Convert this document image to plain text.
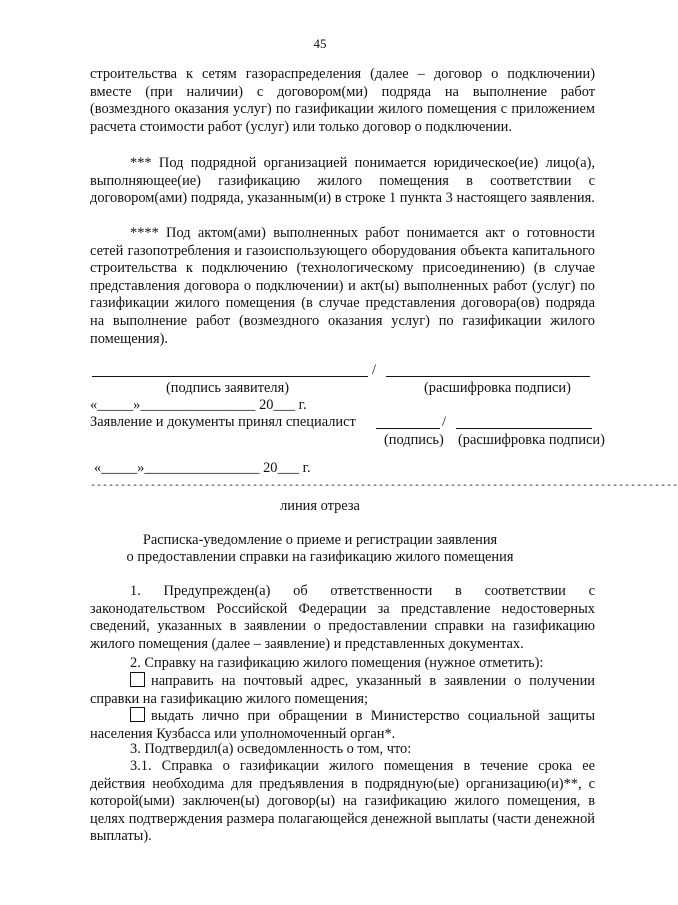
45
строительства к сетям газораспределения (далее – договор о подключении) вместе (при наличии) с договором(ми) подряда на выполнение работ (возмездного оказания услуг) по газификации жилого помещения с приложением расчета стоимости работ (услуг) или только договор о подключении.
*** Под подрядной организацией понимается юридическое(ие) лицо(а), выполняющее(ие) газификацию жилого помещения в соответствии с договором(ами) подряда, указанным(и) в строке 1 пункта 3 настоящего заявления.
**** Под актом(ами) выполненных работ понимается акт о готовности сетей газопотребления и газоиспользующего оборудования объекта капитального строительства к подключению (технологическому присоединению) (в случае представления договора о подключении) и акт(ы) выполненных работ (услуг) по газификации жилого помещения (в случае представления договора(ов) подряда на выполнение работ (возмездного оказания услуг) по газификации жилого помещения).
/
(подпись заявителя)	(расшифровка подписи)
«_____»________________ 20___ г.
Заявление и документы принял специалист	/
(подпись) (расшифровка подписи)
«_____»________________ 20___ г.
--------------------------------------------------------------------------------------------------
линия отреза
Расписка-уведомление о приеме и регистрации заявления
о предоставлении справки на газификацию жилого помещения
1. Предупрежден(а) об ответственности в соответствии с законодательством Российской Федерации за представление недостоверных сведений, указанных в заявлении о предоставлении справки на газификацию жилого помещения (далее – заявление) и представленных документах.
2. Справку на газификацию жилого помещения (нужное отметить):
направить на почтовый адрес, указанный в заявлении о получении справки на газификацию жилого помещения;
выдать лично при обращении в Министерство социальной защиты населения Кузбасса или уполномоченный орган*.
3. Подтвердил(а) осведомленность о том, что:
3.1. Справка о газификации жилого помещения в течение срока ее действия необходима для предъявления в подрядную(ые) организацию(и)**, с которой(ыми) заключен(ы) договор(ы) на газификацию жилого помещения, в целях подтверждения размера полагающейся денежной выплаты (части денежной выплаты).
